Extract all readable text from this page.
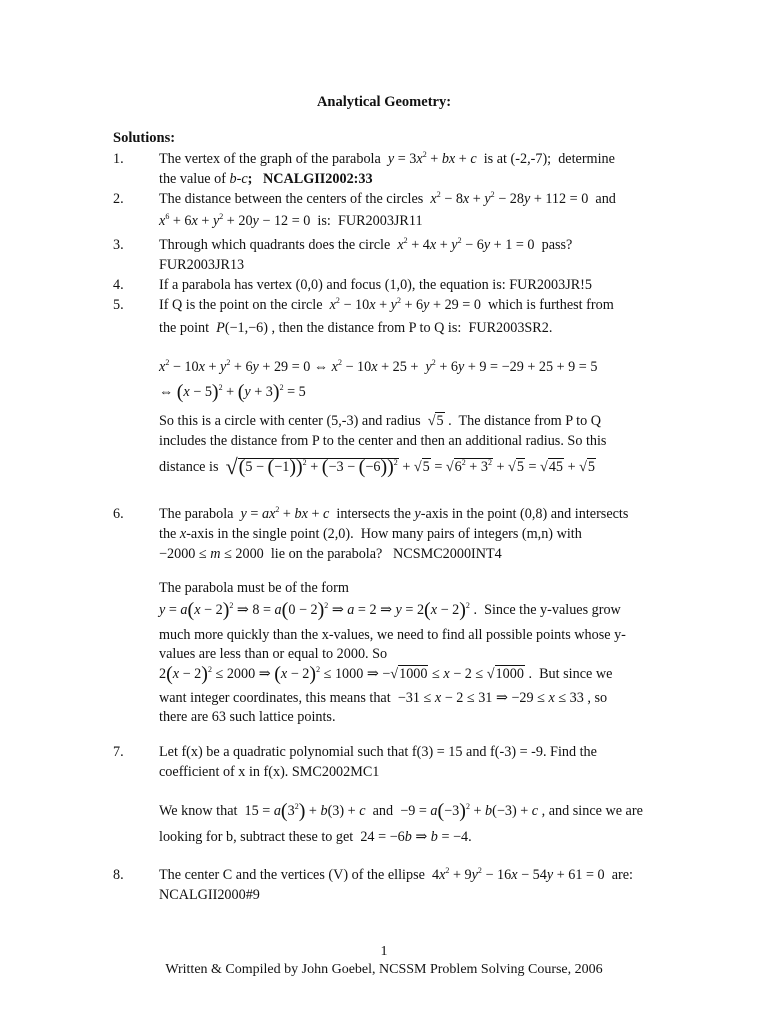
Analytical Geometry:
Solutions:
1. The vertex of the graph of the parabola  $y = 3x^2$ + bx + c  is at (-2,-7);  determine
the value of b-c; NCALGII2002:33
2. The distance between the centers of the circles  $x^2 - 8x + y^2 - 28y + 112 = 0$  and
$x^6 + 6x + y^2 + 20y - 12 = 0$  is:  FUR2003JR11
3. Through which quadrants does the circle  $x^2 + 4x + y^2 - 6y + 1 = 0$  pass?
FUR2003JR13
4. If a parabola has vertex (0,0) and focus (1,0), the equation is: FUR2003JR!5
5. If Q is the point on the circle  $x^2 - 10x + y^2 + 6y + 29 = 0$  which is furthest from
the point  P(−1,−6) , then the distance from P to Q is:  FUR2003SR2.
$x^2 - 10x + y^2 + 6y + 29 = 0$ ⇔ $x^2 - 10x + 25 + y^2 + 6y + 9 = -29 + 25 + 9 = 5$
⇔ $(x - 5)^2 + (y + 3)^2 = 5$
So this is a circle with center (5,-3) and radius  √5 .  The distance from P to Q
includes the distance from P to the center and then an additional radius. So this
distance is  $√(5 - (-1))^2 + (-3 - (-6))^2 + √5 = √6^2 + 3^2 + √5 = √45 + √5$
6. The parabola  $y = ax^2$ + bx + c  intersects the y-axis in the point (0,8) and intersects
the x-axis in the single point (2,0).  How many pairs of integers (m,n) with
−2000 ≤ m ≤ 2000  lie on the parabola?   NCSMC2000INT4
The parabola must be of the form
$y = a(x - 2)^2$ ⇒ $8 = a(0 - 2)^2$ ⇒ a = 2 ⇒ $y = 2(x - 2)^2$ .  Since the y-values grow
much more quickly than the x-values, we need to find all possible points whose y-
values are less than or equal to 2000. So
$2(x - 2)^2 \le 2000$ ⇒ $(x - 2)^2 \le 1000$ ⇒ −√1000 ≤ x − 2 ≤ √1000 .  But since we
want integer coordinates, this means that  −31 ≤ x − 2 ≤ 31 ⇒ −29 ≤ x ≤ 33 , so
there are 63 such lattice points.
7. Let f(x) be a quadratic polynomial such that f(3) = 15 and f(-3) = -9. Find the
coefficient of x in f(x). SMC2002MC1
We know that  $15 = a(3^2) + b(3) + c$  and  $-9 = a(-3)^2 + b(-3) + c$ , and since we are
looking for b, subtract these to get  24 = −6b ⇒ b = −4.
8. The center C and the vertices (V) of the ellipse  $4x^2 + 9y^2 - 16x - 54y + 61 = 0$  are:
NCALGII2000#9
1
Written & Compiled by John Goebel, NCSSM Problem Solving Course, 2006
